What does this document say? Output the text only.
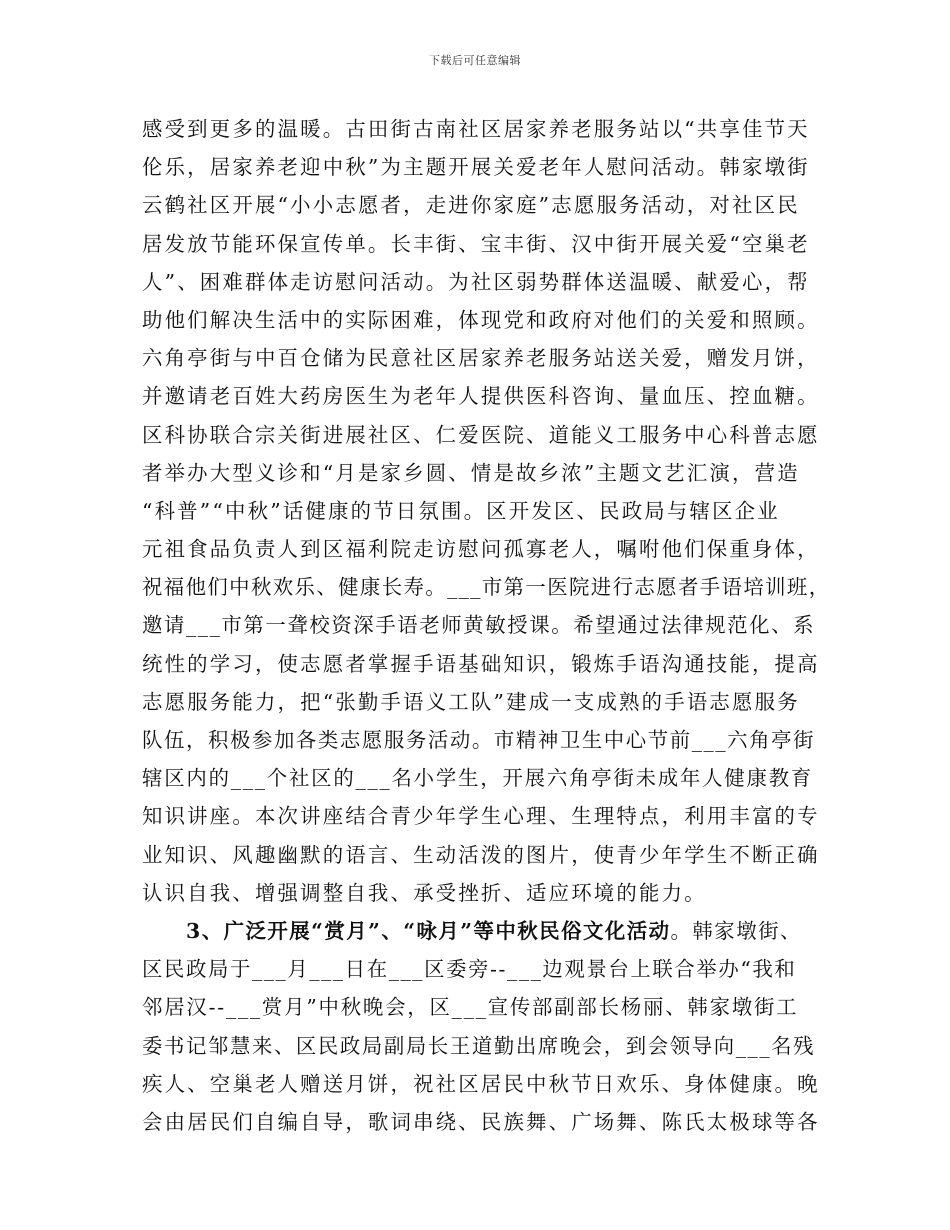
下载后可任意编辑
感受到更多的温暖。古田街古南社区居家养老服务站以“共享佳节天
伦乐，居家养老迎中秋”为主题开展关爱老年人慰问活动。韩家墩街
云鹤社区开展“小小志愿者，走进你家庭”志愿服务活动，对社区民
居发放节能环保宣传单。长丰街、宝丰街、汉中街开展关爱“空巢老
人”、困难群体走访慰问活动。为社区弱势群体送温暖、献爱心，帮
助他们解决生活中的实际困难，体现党和政府对他们的关爱和照顾。
六角亭街与中百仓储为民意社区居家养老服务站送关爱，赠发月饼，
并邀请老百姓大药房医生为老年人提供医科咨询、量血压、控血糖。
区科协联合宗关街进展社区、仁爱医院、道能义工服务中心科普志愿
者举办大型义诊和“月是家乡圆、情是故乡浓”主题文艺汇演，营造
“科普”“中秋”话健康的节日氛围。区开发区、民政局与辖区企业
元祖食品负责人到区福利院走访慰问孤寡老人，嘱咐他们保重身体，
祝福他们中秋欢乐、健康长寿。___市第一医院进行志愿者手语培训班，
邀请___市第一聋校资深手语老师黄敏授课。希望通过法律规范化、系
统性的学习，使志愿者掌握手语基础知识，锻炼手语沟通技能，提高
志愿服务能力，把“张勤手语义工队”建成一支成熟的手语志愿服务
队伍，积极参加各类志愿服务活动。市精神卫生中心节前___六角亭街
辖区内的___个社区的___名小学生，开展六角亭街未成年人健康教育
知识讲座。本次讲座结合青少年学生心理、生理特点，利用丰富的专
业知识、风趣幽默的语言、生动活泼的图片，使青少年学生不断正确
认识自我、增强调整自我、承受挫折、适应环境的能力。
3、广泛开展“赏月”、“咏月”等中秋民俗文化活动。韩家墩街、
区民政局于___月___日在___区委旁--___边观景台上联合举办“我和
邻居汉--___赏月”中秋晚会，区___宣传部副部长杨丽、韩家墩街工
委书记邹慧来、区民政局副局长王道勤出席晚会，到会领导向___名残
疾人、空巢老人赠送月饼，祝社区居民中秋节日欢乐、身体健康。晚
会由居民们自编自导，歌词串绕、民族舞、广场舞、陈氏太极球等各
